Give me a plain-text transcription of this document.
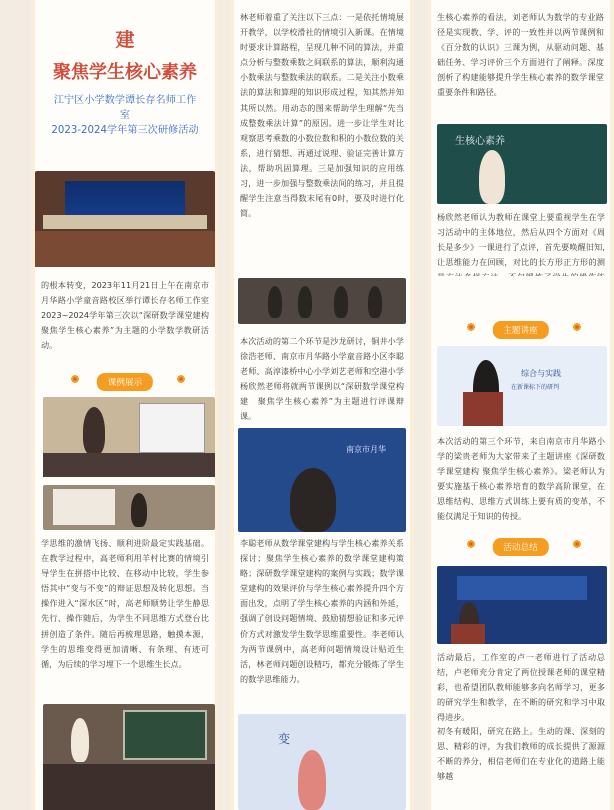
建
聚焦学生核心素养
江宁区小学数学谭长存名师工作
室
2023-2024学年第三次研修活动
的根本转变，2023年11月21日上午在南京市月华路小学童音路校区举行谭长存名师工作室2023~2024学年第三次以“深研数学课堂建构　聚焦学生核心素养”为主题的小学数学教研活动。
课例展示
学思维的激情飞扬、顺利进阶最定实践基础。在教学过程中，高老师利用羊村比赛的情境引导学生在拼搭中比较、在移动中比较，学生参悟其中“变与不变”的辩证思想及转化思想。当操作进入“深水区”时，高老师顺势让学生静思先行、操作随后，为学生不同思维方式登台比拼创造了条件。随后再梳理思路，触摸本源，学生的思维变得更加清晰、有条理、有迹可循，为后续的学习埋下一个思维生长点。
林老师着重了关注以下三点：一是依托情境展开教学，以学校滑社的情境引入新课。在情境时要求计算路程，呈现几种不同的算法，并重点分析与整数乘数之间联系的算法，顺利沟通小数乘法与整数乘法的联系。二是关注小数乘法的算法和算理的知识形成过程，知其然并知其所以然。用动态的图来帮助学生理解“先当成整数乘法计算”的原因。进一步让学生对比观察思考乘数的小数位数和积的小数位数的关系，进行猜想、再通过说理、验证完善计算方法，帮助巩固算理。三是加强知识的应用练习，进一步加强与整数乘法间的练习，并且提醒学生注意当得数末尾有0时，要及时进行化简。
本次活动的第二个环节是沙龙研讨，铜井小学徐浩老师、南京市月华路小学童音路小区李聪老师、高淳漆桥中心小学刘艺老师和空港小学杨欣然老师将就两节课例以“深研数学课堂构建　聚焦学生核心素养”为主题进行评课辩课。
南京市月华
李聪老师从数学课堂建构与学生核心素养关系探讨；聚焦学生核心素养的数学课堂建构策略；深研数学课堂建构的案例与实践；数学课堂建构的效果评价与学生核心素养提升四个方面出发，点明了学生核心素养的内涵和外延，强调了创设问题情境、鼓励猜想验证和多元评价方式对激发学生数学思维重要性。李老师认为两节课例中，高老师问题情境设计贴近生活，林老师问题创设精巧，都充分锻炼了学生的数学思维能力。
变
生核心素养的看法，刘老师认为数学的专业路径是实现教、学、评的一致性并以两节课例和《百分数的认识》三课为例，从驱动问题、基础任务、学习评价三个方面进行了阐释。深度剖析了构建能够提升学生核心素养的数学课堂重要条件和路径。
生核心素养
杨欣然老师认为教师在课堂上要重视学生在学习活动中的主体地位，然后从四个方面对《周长是多少》一课进行了点评，首先要唤醒旧知,让思维能力在回顾，对比的长方形正方形的测
主题讲座
综合与实践
在新课标下的研判
本次活动的第三个环节，来自南京市月华路小学的梁贵老师为大家带来了主题讲座《深研数学课堂建构 聚焦学生核心素养》。梁老师认为要实施基于核心素养培育的数学高阶课堂，在思维结构、思维方式训练上要有质的变革，不能仅满足于知识的传授。
活动总结
活动最后，工作室的卢一老师进行了活动总结，卢老师充分肯定了两位授课老师的课堂精彩，也希望团队教师能够多向名师学习，更多的研究学生和教学，在不断的研究和学习中取得进步。
初冬有暖阳，研究在路上。生动的课、深刻的思、精彩的评，为我们教师的成长提供了源源不断的养分，相信老师们在专业化的道路上能够越
